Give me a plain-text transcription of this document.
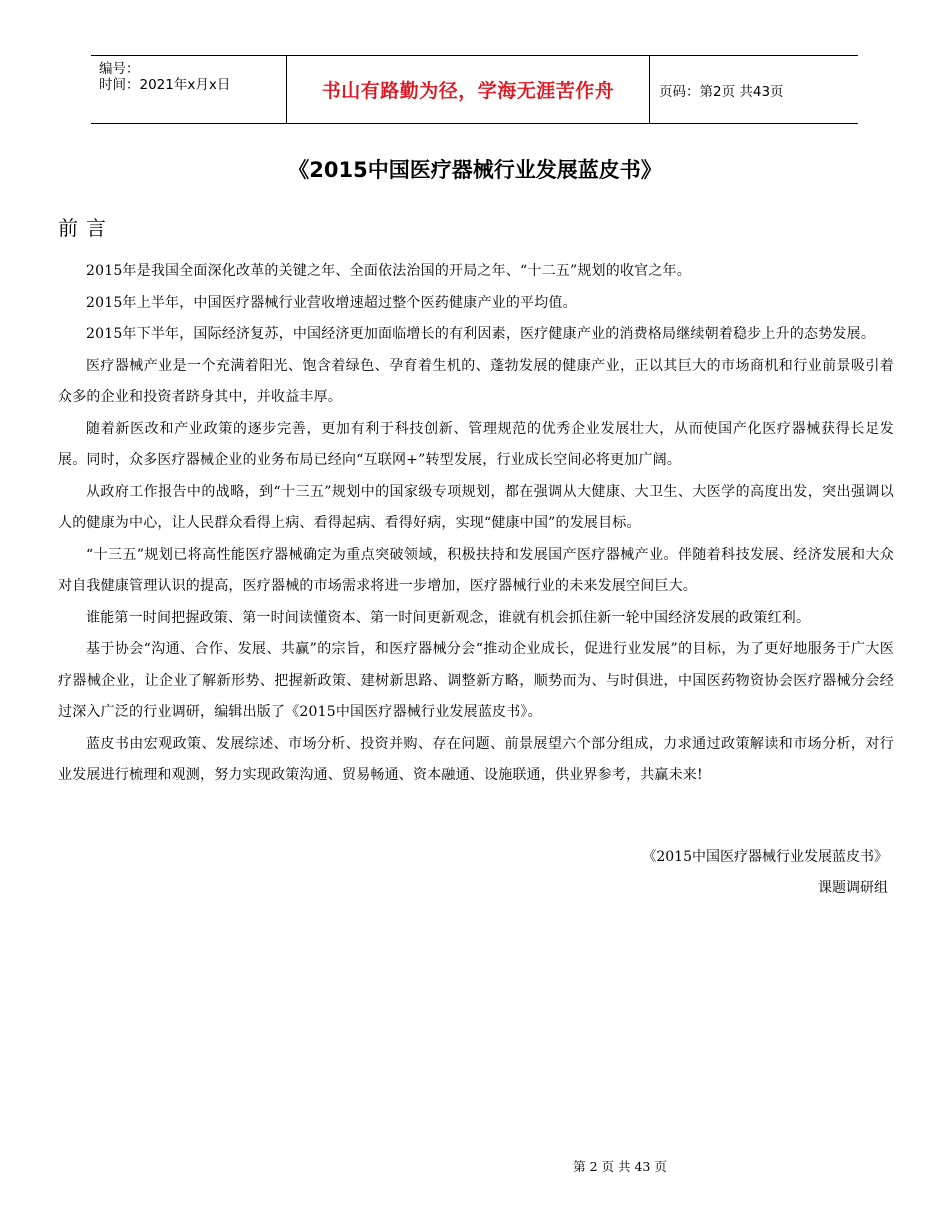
编号：
时间：2021年x月x日	书山有路勤为径，学海无涯苦作舟	页码：第2页 共43页
《2015中国医疗器械行业发展蓝皮书》
前言

2015年是我国全面深化改革的关键之年、全面依法治国的开局之年、“十二五”规划的收官之年。

2015年上半年，中国医疗器械行业营收增速超过整个医药健康产业的平均值。

2015年下半年，国际经济复苏，中国经济更加面临增长的有利因素，医疗健康产业的消费格局继续朝着稳步上升的态势发展。

医疗器械产业是一个充满着阳光、饱含着绿色、孕育着生机的、蓬勃发展的健康产业，正以其巨大的市场商机和行业前景吸引着众多的企业和投资者跻身其中，并收益丰厚。

随着新医改和产业政策的逐步完善，更加有利于科技创新、管理规范的优秀企业发展壮大，从而使国产化医疗器械获得长足发展。同时，众多医疗器械企业的业务布局已经向“互联网+”转型发展，行业成长空间必将更加广阔。

从政府工作报告中的战略，到“十三五”规划中的国家级专项规划，都在强调从大健康、大卫生、大医学的高度出发，突出强调以人的健康为中心，让人民群众看得上病、看得起病、看得好病，实现“健康中国”的发展目标。

“十三五”规划已将高性能医疗器械确定为重点突破领域，积极扶持和发展国产医疗器械产业。伴随着科技发展、经济发展和大众对自我健康管理认识的提高，医疗器械的市场需求将进一步增加，医疗器械行业的未来发展空间巨大。

谁能第一时间把握政策、第一时间读懂资本、第一时间更新观念，谁就有机会抓住新一轮中国经济发展的政策红利。

基于协会“沟通、合作、发展、共赢”的宗旨，和医疗器械分会“推动企业成长，促进行业发展”的目标，为了更好地服务于广大医疗器械企业，让企业了解新形势、把握新政策、建树新思路、调整新方略，顺势而为、与时俱进，中国医药物资协会医疗器械分会经过深入广泛的行业调研，编辑出版了《2015中国医疗器械行业发展蓝皮书》。

蓝皮书由宏观政策、发展综述、市场分析、投资并购、存在问题、前景展望六个部分组成，力求通过政策解读和市场分析，对行业发展进行梳理和观测，努力实现政策沟通、贸易畅通、资本融通、设施联通，供业界参考，共赢未来!

《2015中国医疗器械行业发展蓝皮书》
课题调研组
第 2 页 共 43 页
